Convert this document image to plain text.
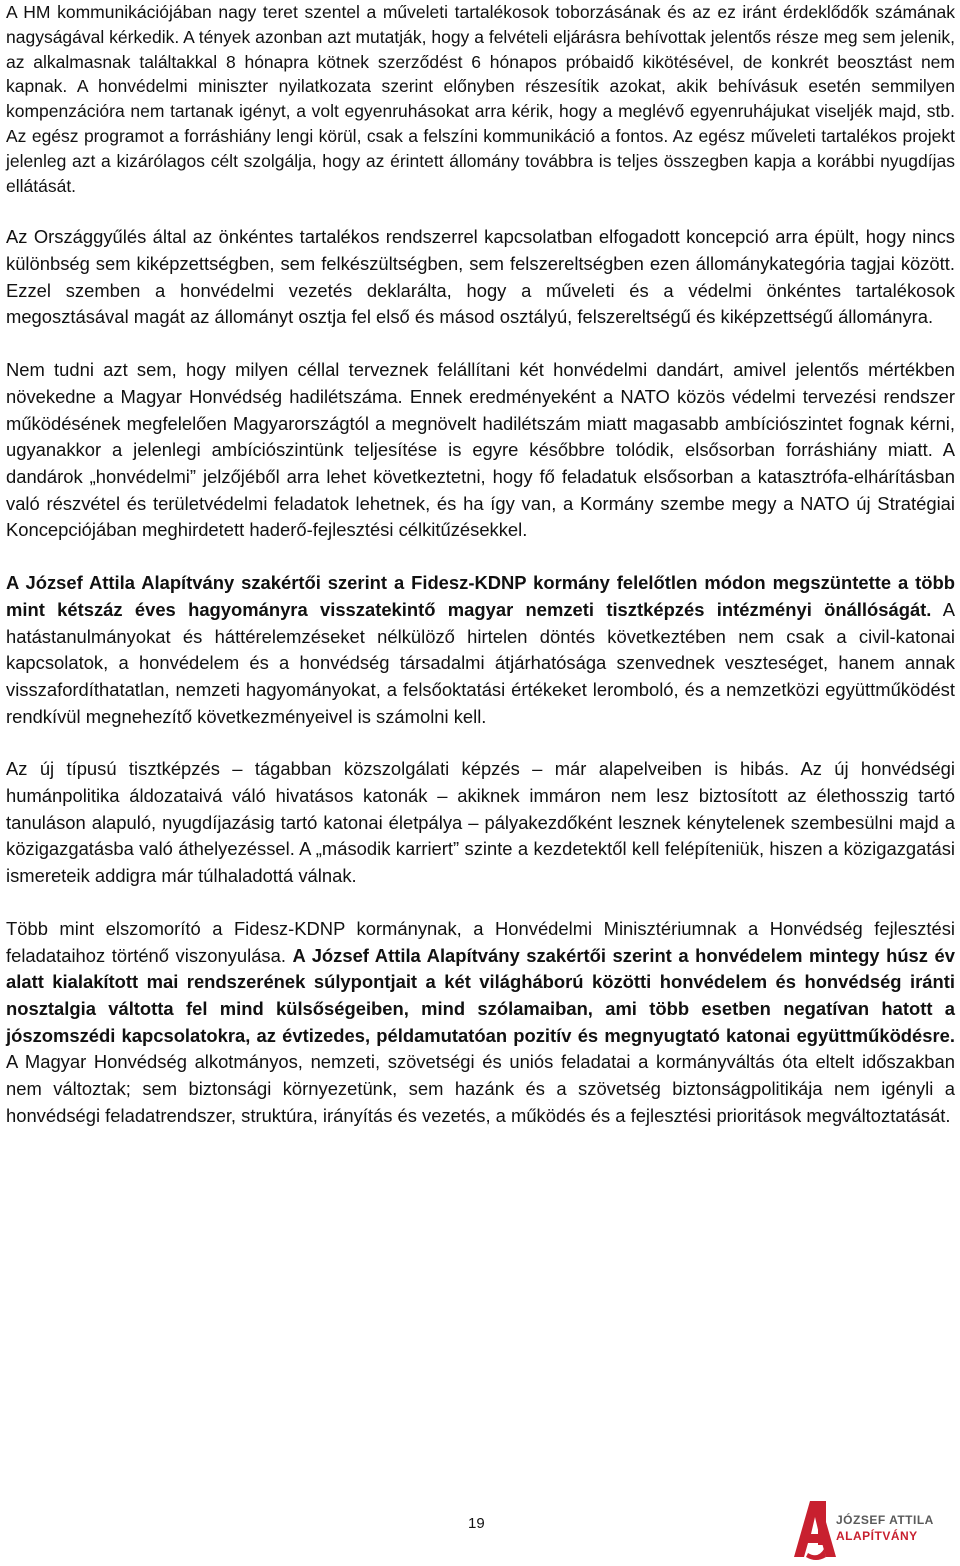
A HM kommunikációjában nagy teret szentel a műveleti tartalékosok toborzásának és az ez iránt érdeklődők számának nagyságával kérkedik. A tények azonban azt mutatják, hogy a felvételi eljárásra behívottak jelentős része meg sem jelenik, az alkalmasnak találtakkal 8 hónapra kötnek szerződést 6 hónapos próbaidő kikötésével, de konkrét beosztást nem kapnak. A honvédelmi miniszter nyilatkozata szerint előnyben részesítik azokat, akik behívásuk esetén semmilyen kompenzációra nem tartanak igényt, a volt egyenruhásokat arra kérik, hogy a meglévő egyenruhájukat viseljék majd, stb. Az egész programot a forráshiány lengi körül, csak a felszíni kommunikáció a fontos. Az egész műveleti tartalékos projekt jelenleg azt a kizárólagos célt szolgálja, hogy az érintett állomány továbbra is teljes összegben kapja a korábbi nyugdíjas ellátását.

Az Országgyűlés által az önkéntes tartalékos rendszerrel kapcsolatban elfogadott koncepció arra épült, hogy nincs különbség sem kiképzettségben, sem felkészültségben, sem felszereltségben ezen állománykategória tagjai között. Ezzel szemben a honvédelmi vezetés deklarálta, hogy a műveleti és a védelmi önkéntes tartalékosok megosztásával magát az állományt osztja fel első és másod osztályú, felszereltségű és kiképzettségű állományra.

Nem tudni azt sem, hogy milyen céllal terveznek felállítani két honvédelmi dandárt, amivel jelentős mértékben növekedne a Magyar Honvédség hadilétszáma. Ennek eredményeként a NATO közös védelmi tervezési rendszer működésének megfelelően Magyarországtól a megnövelt hadilétszám miatt magasabb ambíciószintet fognak kérni, ugyanakkor a jelenlegi ambíciószintünk teljesítése is egyre későbbre tolódik, elsősorban forráshiány miatt. A dandárok „honvédelmi” jelzőjéből arra lehet következtetni, hogy fő feladatuk elsősorban a katasztrófa-elhárításban való részvétel és területvédelmi feladatok lehetnek, és ha így van, a Kormány szembe megy a NATO új Stratégiai Koncepciójában meghirdetett haderő-fejlesztési célkitűzésekkel.

A József Attila Alapítvány szakértői szerint a Fidesz-KDNP kormány felelőtlen módon megszüntette a több mint kétszáz éves hagyományra visszatekintő magyar nemzeti tisztképzés intézményi önállóságát. A hatástanulmányokat és háttérelemzéseket nélkülöző hirtelen döntés következtében nem csak a civil-katonai kapcsolatok, a honvédelem és a honvédség társadalmi átjárhatósága szenvednek veszteséget, hanem annak visszafordíthatatlan, nemzeti hagyományokat, a felsőoktatási értékeket leromboló, és a nemzetközi együttműködést rendkívül megnehezítő következményeivel is számolni kell.

Az új típusú tisztképzés – tágabban közszolgálati képzés – már alapelveiben is hibás. Az új honvédségi humánpolitika áldozataivá váló hivatásos katonák – akiknek immáron nem lesz biztosított az élethosszig tartó tanuláson alapuló, nyugdíjazásig tartó katonai életpálya – pályakezdőként lesznek kénytelenek szembesülni majd a közigazgatásba való áthelyezéssel. A „második karriert” szinte a kezdetektől kell felépíteniük, hiszen a közigazgatási ismereteik addigra már túlhaladottá válnak.

Több mint elszomorító a Fidesz-KDNP kormánynak, a Honvédelmi Minisztériumnak a Honvédség fejlesztési feladataihoz történő viszonyulása. A József Attila Alapítvány szakértői szerint a honvédelem mintegy húsz év alatt kialakított mai rendszerének súlypontjait a két világháború közötti honvédelem és honvédség iránti nosztalgia váltotta fel mind külsőségeiben, mind szólamaiban, ami több esetben negatívan hatott a jószomszédi kapcsolatokra, az évtizedes, példamutatóan pozitív és megnyugtató katonai együttműködésre. A Magyar Honvédség alkotmányos, nemzeti, szövetségi és uniós feladatai a kormányváltás óta eltelt időszakban nem változtak; sem biztonsági környezetünk, sem hazánk és a szövetség biztonságpolitikája nem igényli a honvédségi feladatrendszer, struktúra, irányítás és vezetés, a működés és a fejlesztési prioritások megváltoztatását.

19	JÓZSEF ATTILA
ALAPÍTVÁNY
